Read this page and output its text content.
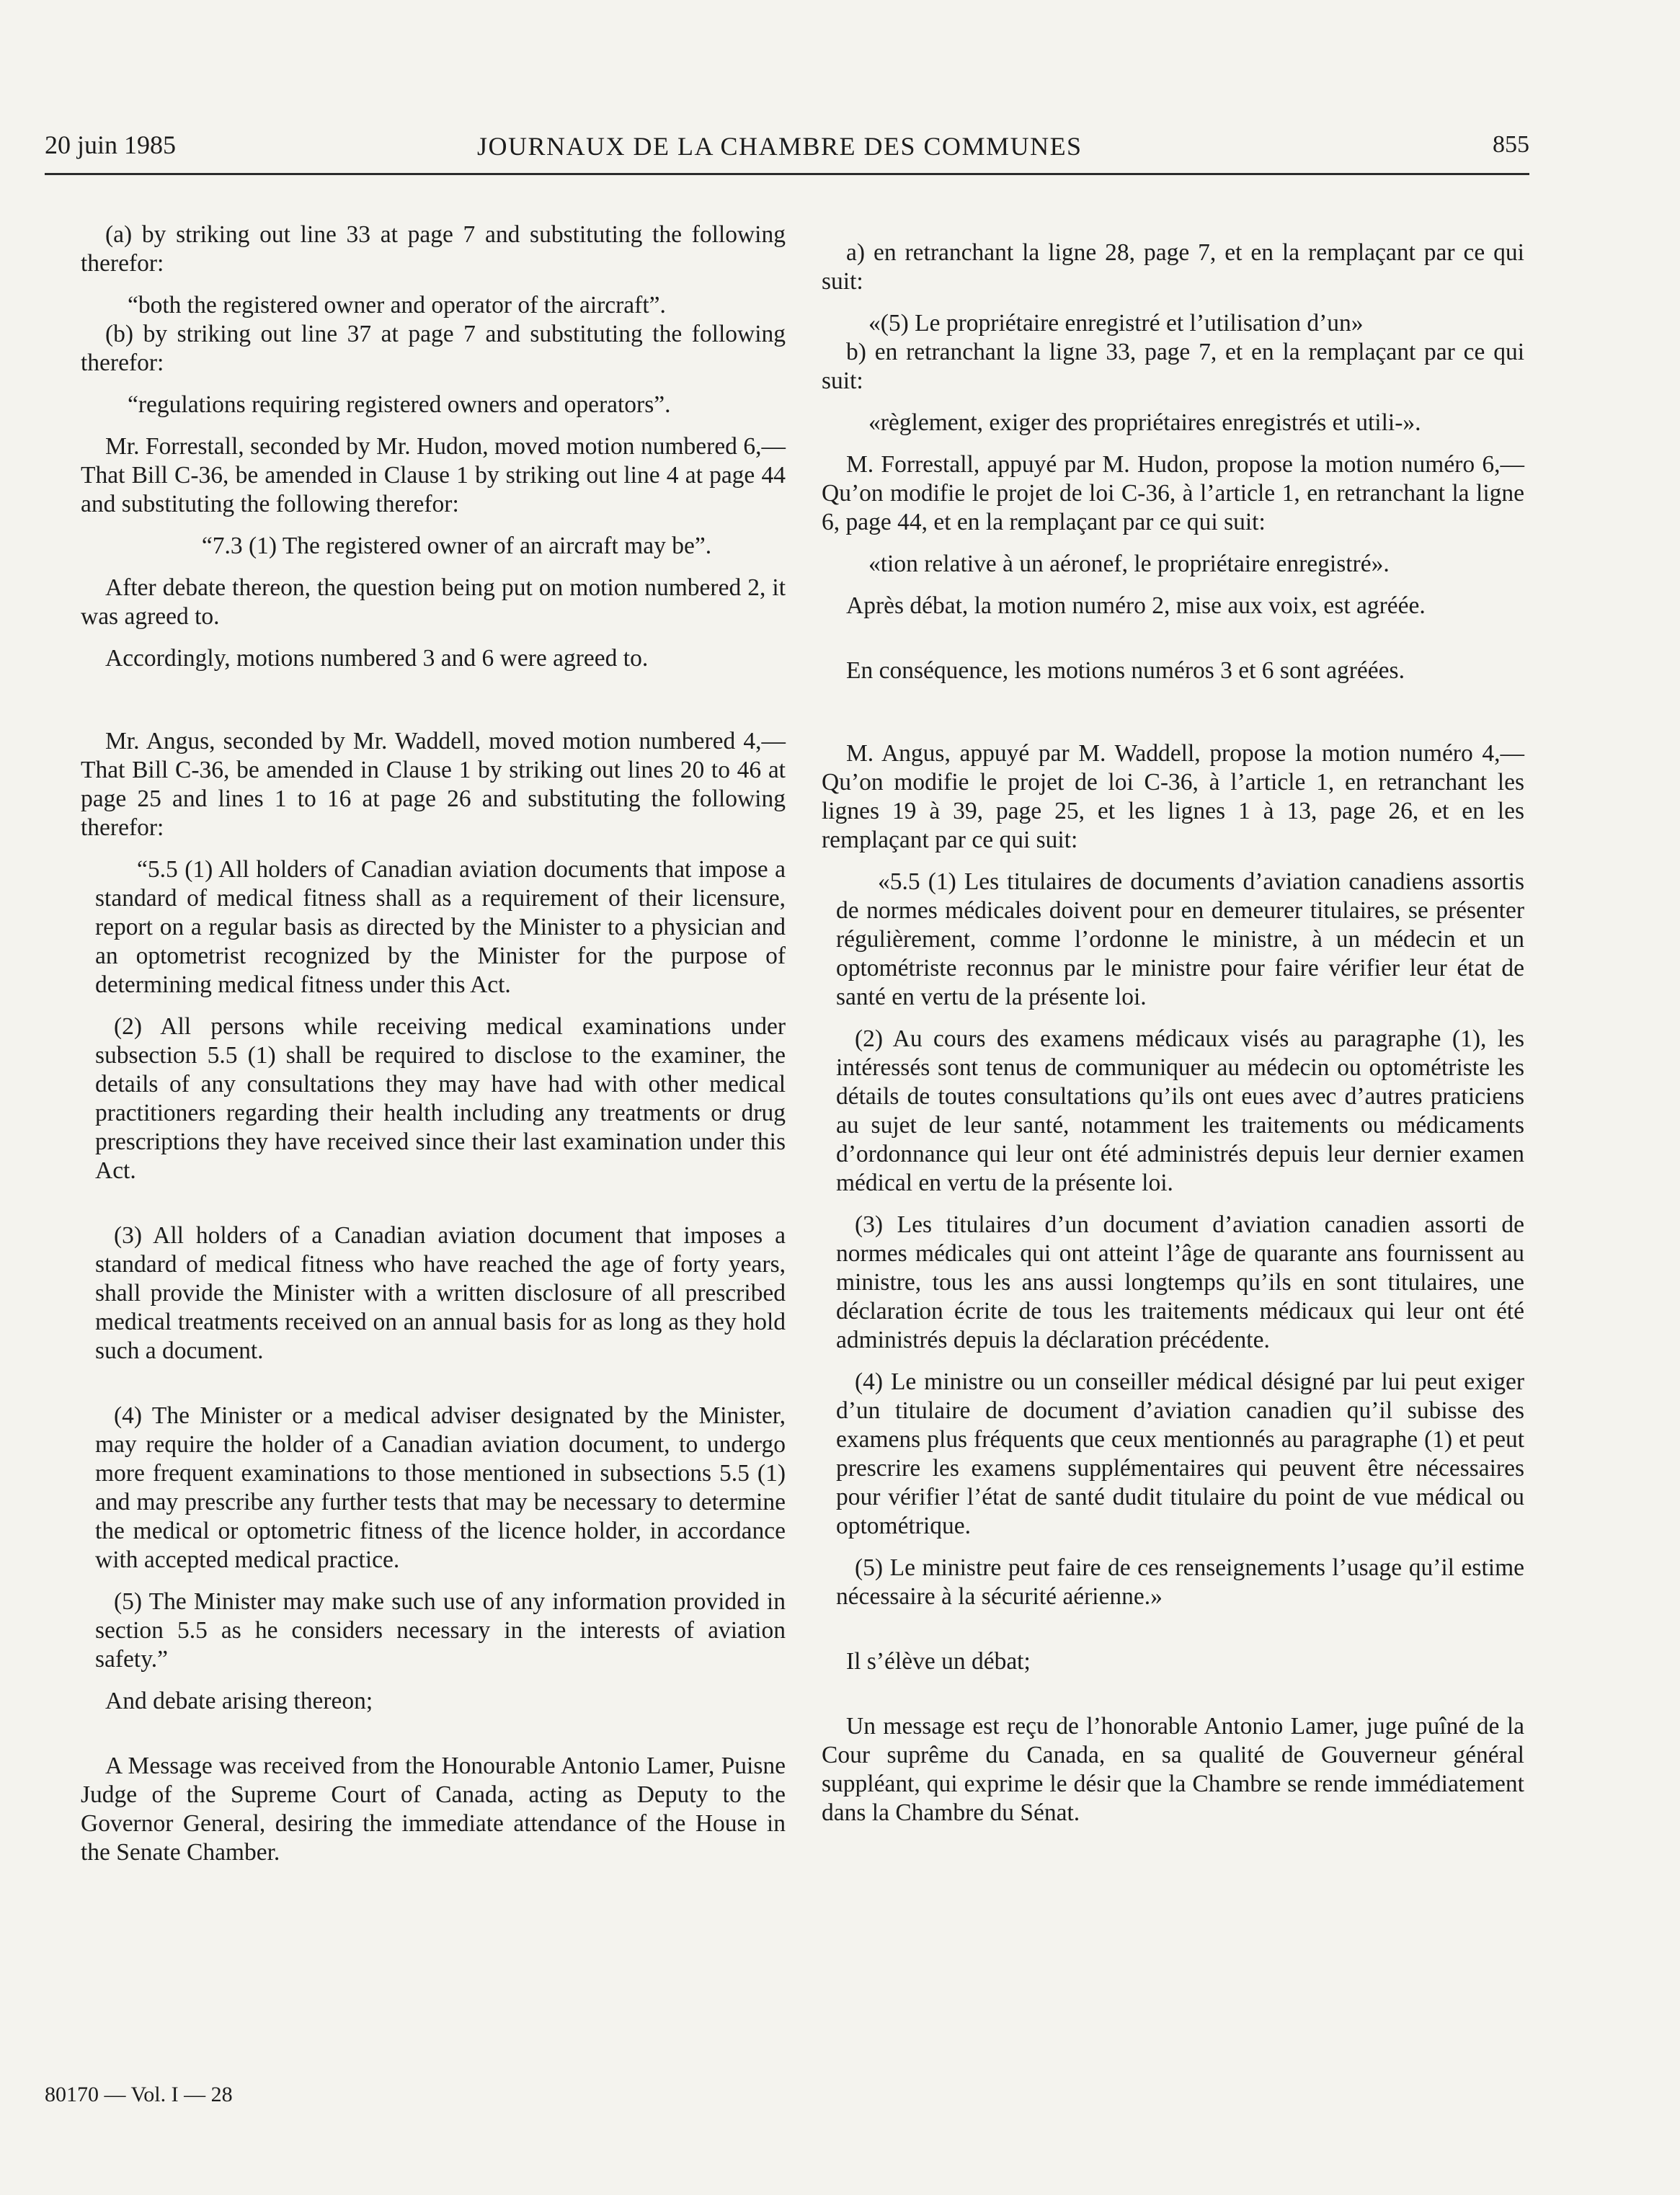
20 juin 1985	JOURNAUX DE LA CHAMBRE DES COMMUNES	855

(a) by striking out line 33 at page 7 and substituting the following therefor:

“both the registered owner and operator of the aircraft”.

(b) by striking out line 37 at page 7 and substituting the following therefor:

“regulations requiring registered owners and operators”.

Mr. Forrestall, seconded by Mr. Hudon, moved motion numbered 6,—That Bill C-36, be amended in Clause 1 by striking out line 4 at page 44 and substituting the following therefor:

“7.3 (1) The registered owner of an aircraft may be”.

After debate thereon, the question being put on motion numbered 2, it was agreed to.

Accordingly, motions numbered 3 and 6 were agreed to.

Mr. Angus, seconded by Mr. Waddell, moved motion numbered 4,—That Bill C-36, be amended in Clause 1 by striking out lines 20 to 46 at page 25 and lines 1 to 16 at page 26 and substituting the following therefor:

“5.5 (1) All holders of Canadian aviation documents that impose a standard of medical fitness shall as a requirement of their licensure, report on a regular basis as directed by the Minister to a physician and an optometrist recognized by the Minister for the purpose of determining medical fitness under this Act.

(2) All persons while receiving medical examinations under subsection 5.5 (1) shall be required to disclose to the examiner, the details of any consultations they may have had with other medical practitioners regarding their health including any treatments or drug prescriptions they have received since their last examination under this Act.

(3) All holders of a Canadian aviation document that imposes a standard of medical fitness who have reached the age of forty years, shall provide the Minister with a written disclosure of all prescribed medical treatments received on an annual basis for as long as they hold such a document.

(4) The Minister or a medical adviser designated by the Minister, may require the holder of a Canadian aviation document, to undergo more frequent examinations to those mentioned in subsections 5.5 (1) and may prescribe any further tests that may be necessary to determine the medical or optometric fitness of the licence holder, in accordance with accepted medical practice.

(5) The Minister may make such use of any information provided in section 5.5 as he considers necessary in the interests of aviation safety.”

And debate arising thereon;

A Message was received from the Honourable Antonio Lamer, Puisne Judge of the Supreme Court of Canada, acting as Deputy to the Governor General, desiring the immediate attendance of the House in the Senate Chamber.

a) en retranchant la ligne 28, page 7, et en la remplaçant par ce qui suit:

«(5) Le propriétaire enregistré et l’utilisation d’un»

b) en retranchant la ligne 33, page 7, et en la remplaçant par ce qui suit:

«règlement, exiger des propriétaires enregistrés et utili-».

M. Forrestall, appuyé par M. Hudon, propose la motion numéro 6,—Qu’on modifie le projet de loi C-36, à l’article 1, en retranchant la ligne 6, page 44, et en la remplaçant par ce qui suit:

«tion relative à un aéronef, le propriétaire enregistré».

Après débat, la motion numéro 2, mise aux voix, est agréée.

En conséquence, les motions numéros 3 et 6 sont agréées.

M. Angus, appuyé par M. Waddell, propose la motion numéro 4,—Qu’on modifie le projet de loi C-36, à l’article 1, en retranchant les lignes 19 à 39, page 25, et les lignes 1 à 13, page 26, et en les remplaçant par ce qui suit:

«5.5 (1) Les titulaires de documents d’aviation canadiens assortis de normes médicales doivent pour en demeurer titulaires, se présenter régulièrement, comme l’ordonne le ministre, à un médecin et un optométriste reconnus par le ministre pour faire vérifier leur état de santé en vertu de la présente loi.

(2) Au cours des examens médicaux visés au paragraphe (1), les intéressés sont tenus de communiquer au médecin ou optométriste les détails de toutes consultations qu’ils ont eues avec d’autres praticiens au sujet de leur santé, notamment les traitements ou médicaments d’ordonnance qui leur ont été administrés depuis leur dernier examen médical en vertu de la présente loi.

(3) Les titulaires d’un document d’aviation canadien assorti de normes médicales qui ont atteint l’âge de quarante ans fournissent au ministre, tous les ans aussi longtemps qu’ils en sont titulaires, une déclaration écrite de tous les traitements médicaux qui leur ont été administrés depuis la déclaration précédente.

(4) Le ministre ou un conseiller médical désigné par lui peut exiger d’un titulaire de document d’aviation canadien qu’il subisse des examens plus fréquents que ceux mentionnés au paragraphe (1) et peut prescrire les examens supplémentaires qui peuvent être nécessaires pour vérifier l’état de santé dudit titulaire du point de vue médical ou optométrique.

(5) Le ministre peut faire de ces renseignements l’usage qu’il estime nécessaire à la sécurité aérienne.»

Il s’élève un débat;

Un message est reçu de l’honorable Antonio Lamer, juge puîné de la Cour suprême du Canada, en sa qualité de Gouverneur général suppléant, qui exprime le désir que la Chambre se rende immédiatement dans la Chambre du Sénat.

80170 — Vol. I — 28
